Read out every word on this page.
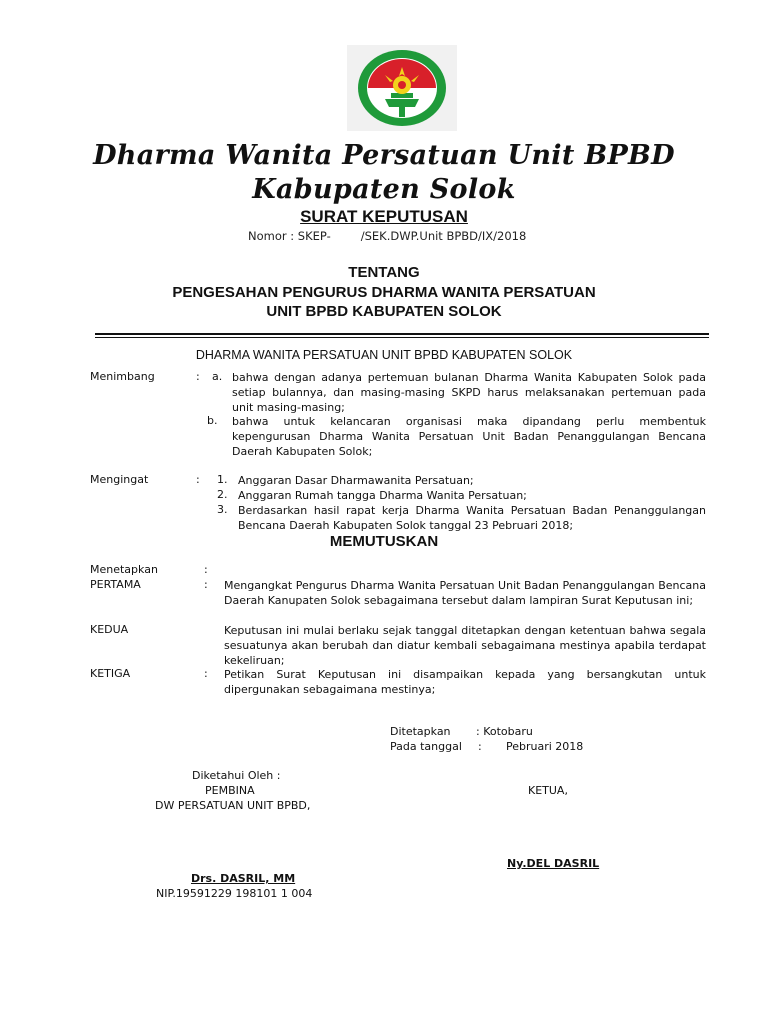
Dharma Wanita Persatuan Unit BPBD
Kabupaten Solok
SURAT KEPUTUSAN
Nomor : SKEP-	/SEK.DWP.Unit BPBD/IX/2018
TENTANG
PENGESAHAN PENGURUS DHARMA WANITA PERSATUAN
UNIT BPBD KABUPATEN SOLOK
DHARMA WANITA PERSATUAN UNIT BPBD KABUPATEN SOLOK
Menimbang	: a. bahwa dengan adanya pertemuan bulanan Dharma Wanita Kabupaten Solok pada setiap bulannya, dan masing-masing SKPD harus melaksanakan pertemuan pada unit masing-masing;
b. bahwa untuk kelancaran organisasi maka dipandang perlu membentuk kepengurusan Dharma Wanita Persatuan Unit Badan Penanggulangan Bencana Daerah Kabupaten Solok;
Mengingat	: 1. Anggaran Dasar Dharmawanita Persatuan;
2. Anggaran Rumah tangga Dharma Wanita Persatuan;
3. Berdasarkan hasil rapat kerja Dharma Wanita Persatuan Badan Penanggulangan Bencana Daerah Kabupaten Solok tanggal 23 Pebruari 2018;
MEMUTUSKAN
Menetapkan	:
PERTAMA	: Mengangkat Pengurus Dharma Wanita Persatuan Unit Badan Penanggulangan Bencana Daerah Kanupaten Solok sebagaimana tersebut dalam lampiran Surat Keputusan ini;
KEDUA	Keputusan ini mulai berlaku sejak tanggal ditetapkan dengan ketentuan bahwa segala sesuatunya akan berubah dan diatur kembali sebagaimana mestinya apabila terdapat kekeliruan;
KETIGA	: Petikan Surat Keputusan ini disampaikan kepada yang bersangkutan untuk dipergunakan sebagaimana mestinya;
Ditetapkan : Kotobaru
Pada tanggal : Pebruari 2018
Diketahui Oleh :
PEMBINA	KETUA,
DW PERSATUAN UNIT BPBD,
Ny.DEL DASRIL
Drs. DASRIL, MM
NIP.19591229 198101 1 004
